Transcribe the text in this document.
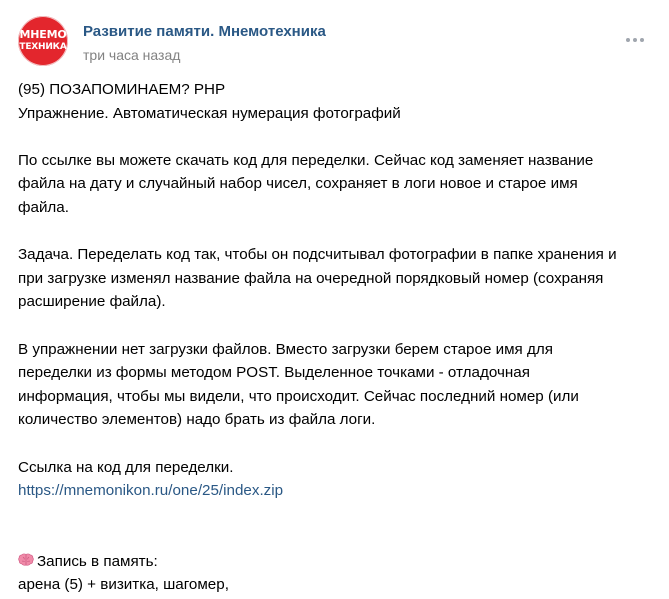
МНЕМО
ТЕХНИКА
Развитие памяти. Мнемотехника
три часа назад

(95) ПОЗАПОМИНАЕМ? PHP

Упражнение. Автоматическая нумерация фотографий

По ссылке вы можете скачать код для переделки. Сейчас код заменяет название

файла на дату и случайный набор чисел, сохраняет в логи новое и старое имя

файла.

Задача. Переделать код так, чтобы он подсчитывал фотографии в папке хранения и

при загрузке изменял название файла на очередной порядковый номер (сохраняя

расширение файла).

В упражнении нет загрузки файлов. Вместо загрузки берем старое имя для

переделки из формы методом POST. Выделенное точками - отладочная

информация, чтобы мы видели, что происходит. Сейчас последний номер (или

количество элементов) надо брать из файла логи.

Ссылка на код для переделки.

https://mnemonikon.ru/one/25/index.zip

Запись в память:

арена (5) + визитка, шагомер,
